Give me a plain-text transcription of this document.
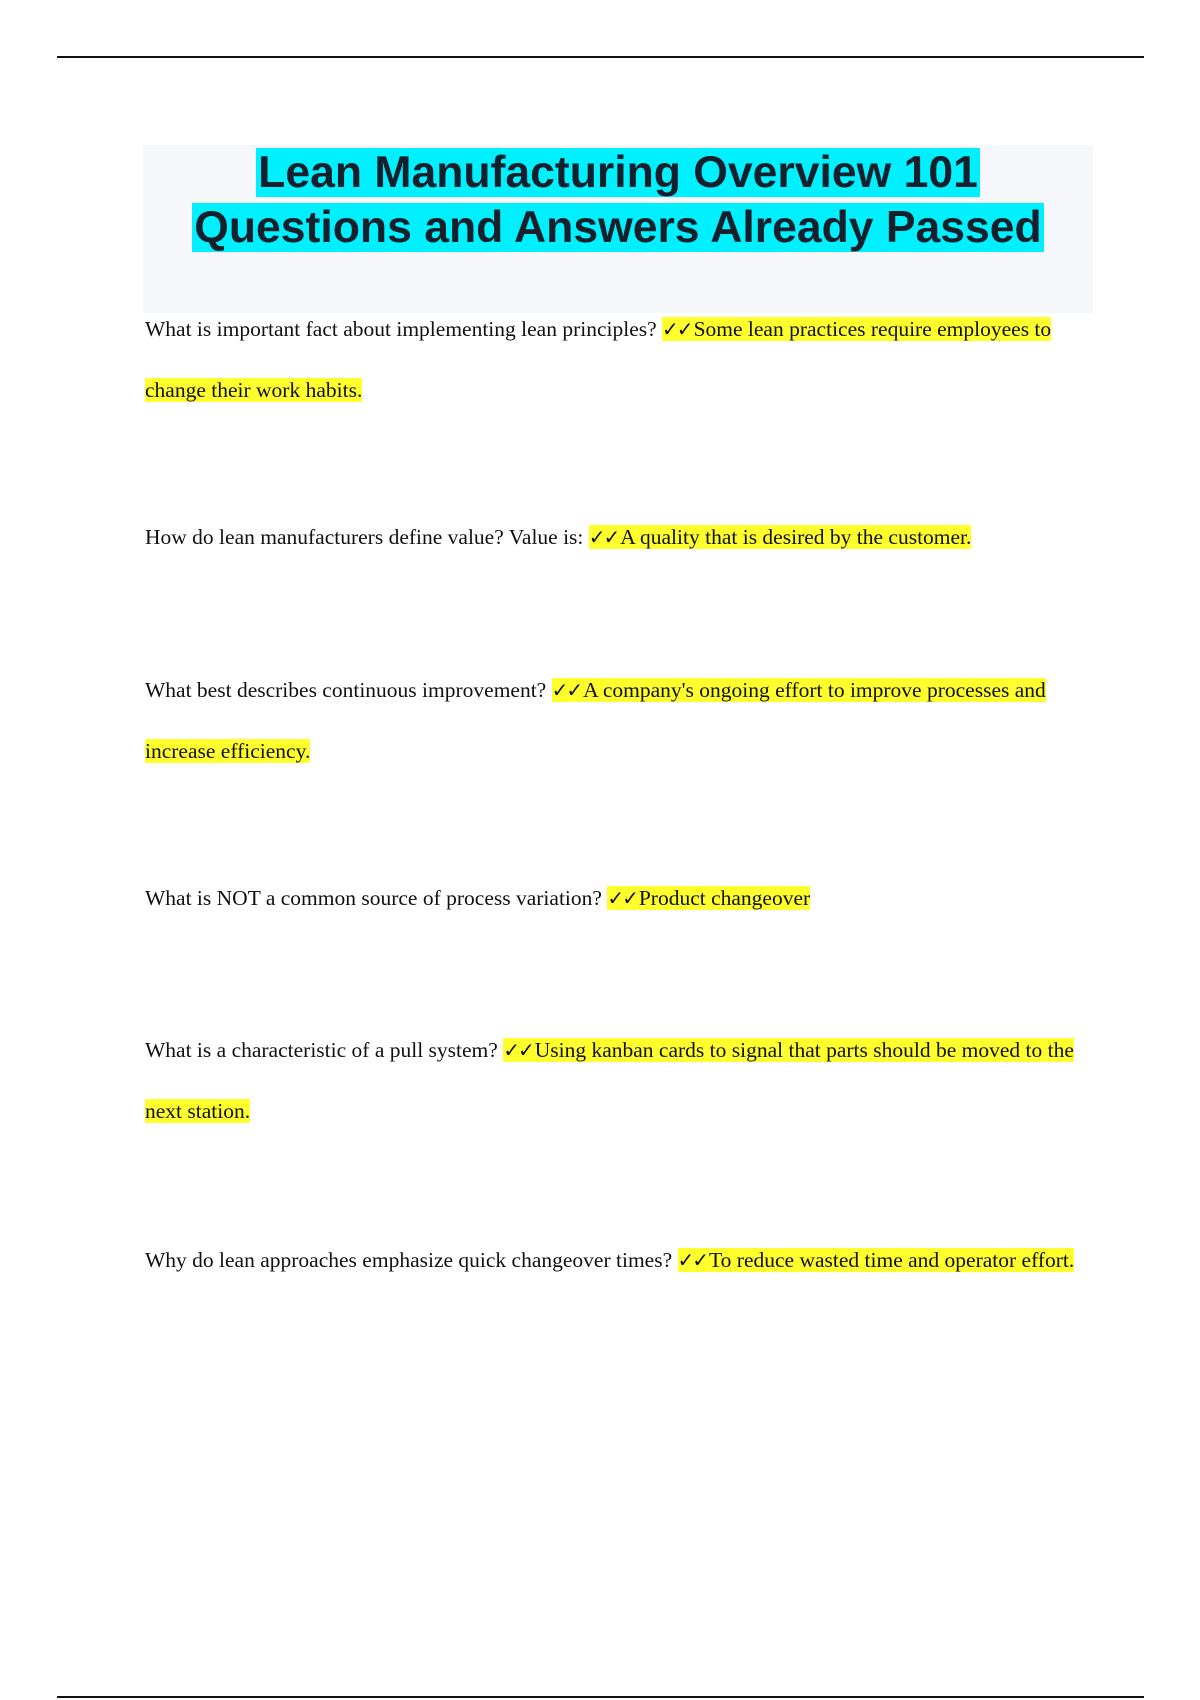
Lean Manufacturing Overview 101
Questions and Answers Already Passed

What is important fact about implementing lean principles? ✓✓Some lean practices require employees to change their work habits.

How do lean manufacturers define value? Value is: ✓✓A quality that is desired by the customer.

What best describes continuous improvement? ✓✓A company's ongoing effort to improve processes and increase efficiency.

What is NOT a common source of process variation? ✓✓Product changeover

What is a characteristic of a pull system? ✓✓Using kanban cards to signal that parts should be moved to the next station.

Why do lean approaches emphasize quick changeover times? ✓✓To reduce wasted time and operator effort.
